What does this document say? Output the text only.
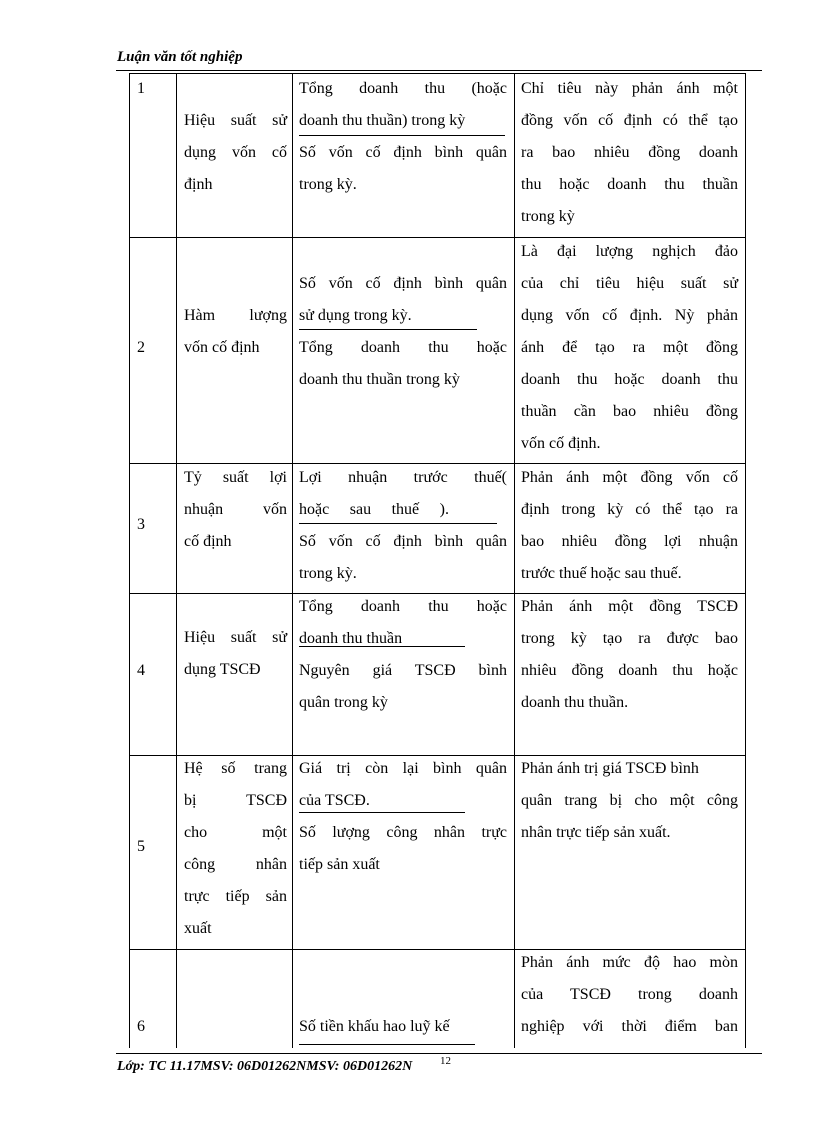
Luận văn tốt nghiệp
1
Hiệu suất sử
dụng vốn cố
định
Tổng doanh thu (hoặc
doanh thu thuần) trong kỳ
Số vốn cố định bình quân
trong kỳ.
Chỉ tiêu này phản ánh một
đồng vốn cố định có thể tạo
ra bao nhiêu đồng doanh
thu hoặc doanh thu thuần
trong kỳ
2
Hàm lượng
vốn cố định
Số vốn cố định bình quân
sử dụng trong kỳ.
Tổng doanh thu hoặc
doanh thu thuần trong kỳ
Là đại lượng nghịch đảo
của chỉ tiêu hiệu suất sử
dụng vốn cố định. Nỳ phản
ánh để tạo ra một đồng
doanh thu hoặc doanh thu
thuần cần bao nhiêu đồng
vốn cố định.
3
Tỷ suất lợi
nhuận vốn
cố định
Lợi nhuận trước thuế(
hoặc sau thuế ).
Số vốn cố định bình quân
trong kỳ.
Phản ánh một đồng vốn cố
định trong kỳ có thể tạo ra
bao nhiêu đồng lợi nhuận
trước thuế hoặc sau thuế.
4
Hiệu suất sử
dụng TSCĐ
Tổng doanh thu hoặc
doanh thu thuần
Nguyên giá TSCĐ bình
quân trong kỳ
Phản ánh một đồng TSCĐ
trong kỳ tạo ra được bao
nhiêu đồng doanh thu hoặc
doanh thu thuần.
5
Hệ số trang
bị TSCĐ
cho một
công nhân
trực tiếp sản
xuất
Giá trị còn lại bình quân
của TSCĐ.
Số lượng công nhân trực
tiếp sản xuất
Phản ánh trị giá TSCĐ bình
quân trang bị cho một công
nhân trực tiếp sản xuất.
6	Số tiền khấu hao luỹ kế
Phản ánh mức độ hao mòn
của TSCĐ trong doanh
nghiệp với thời điểm ban
Lớp: TC 11.17MSV: 06D01262NMSV: 06D01262N	12
